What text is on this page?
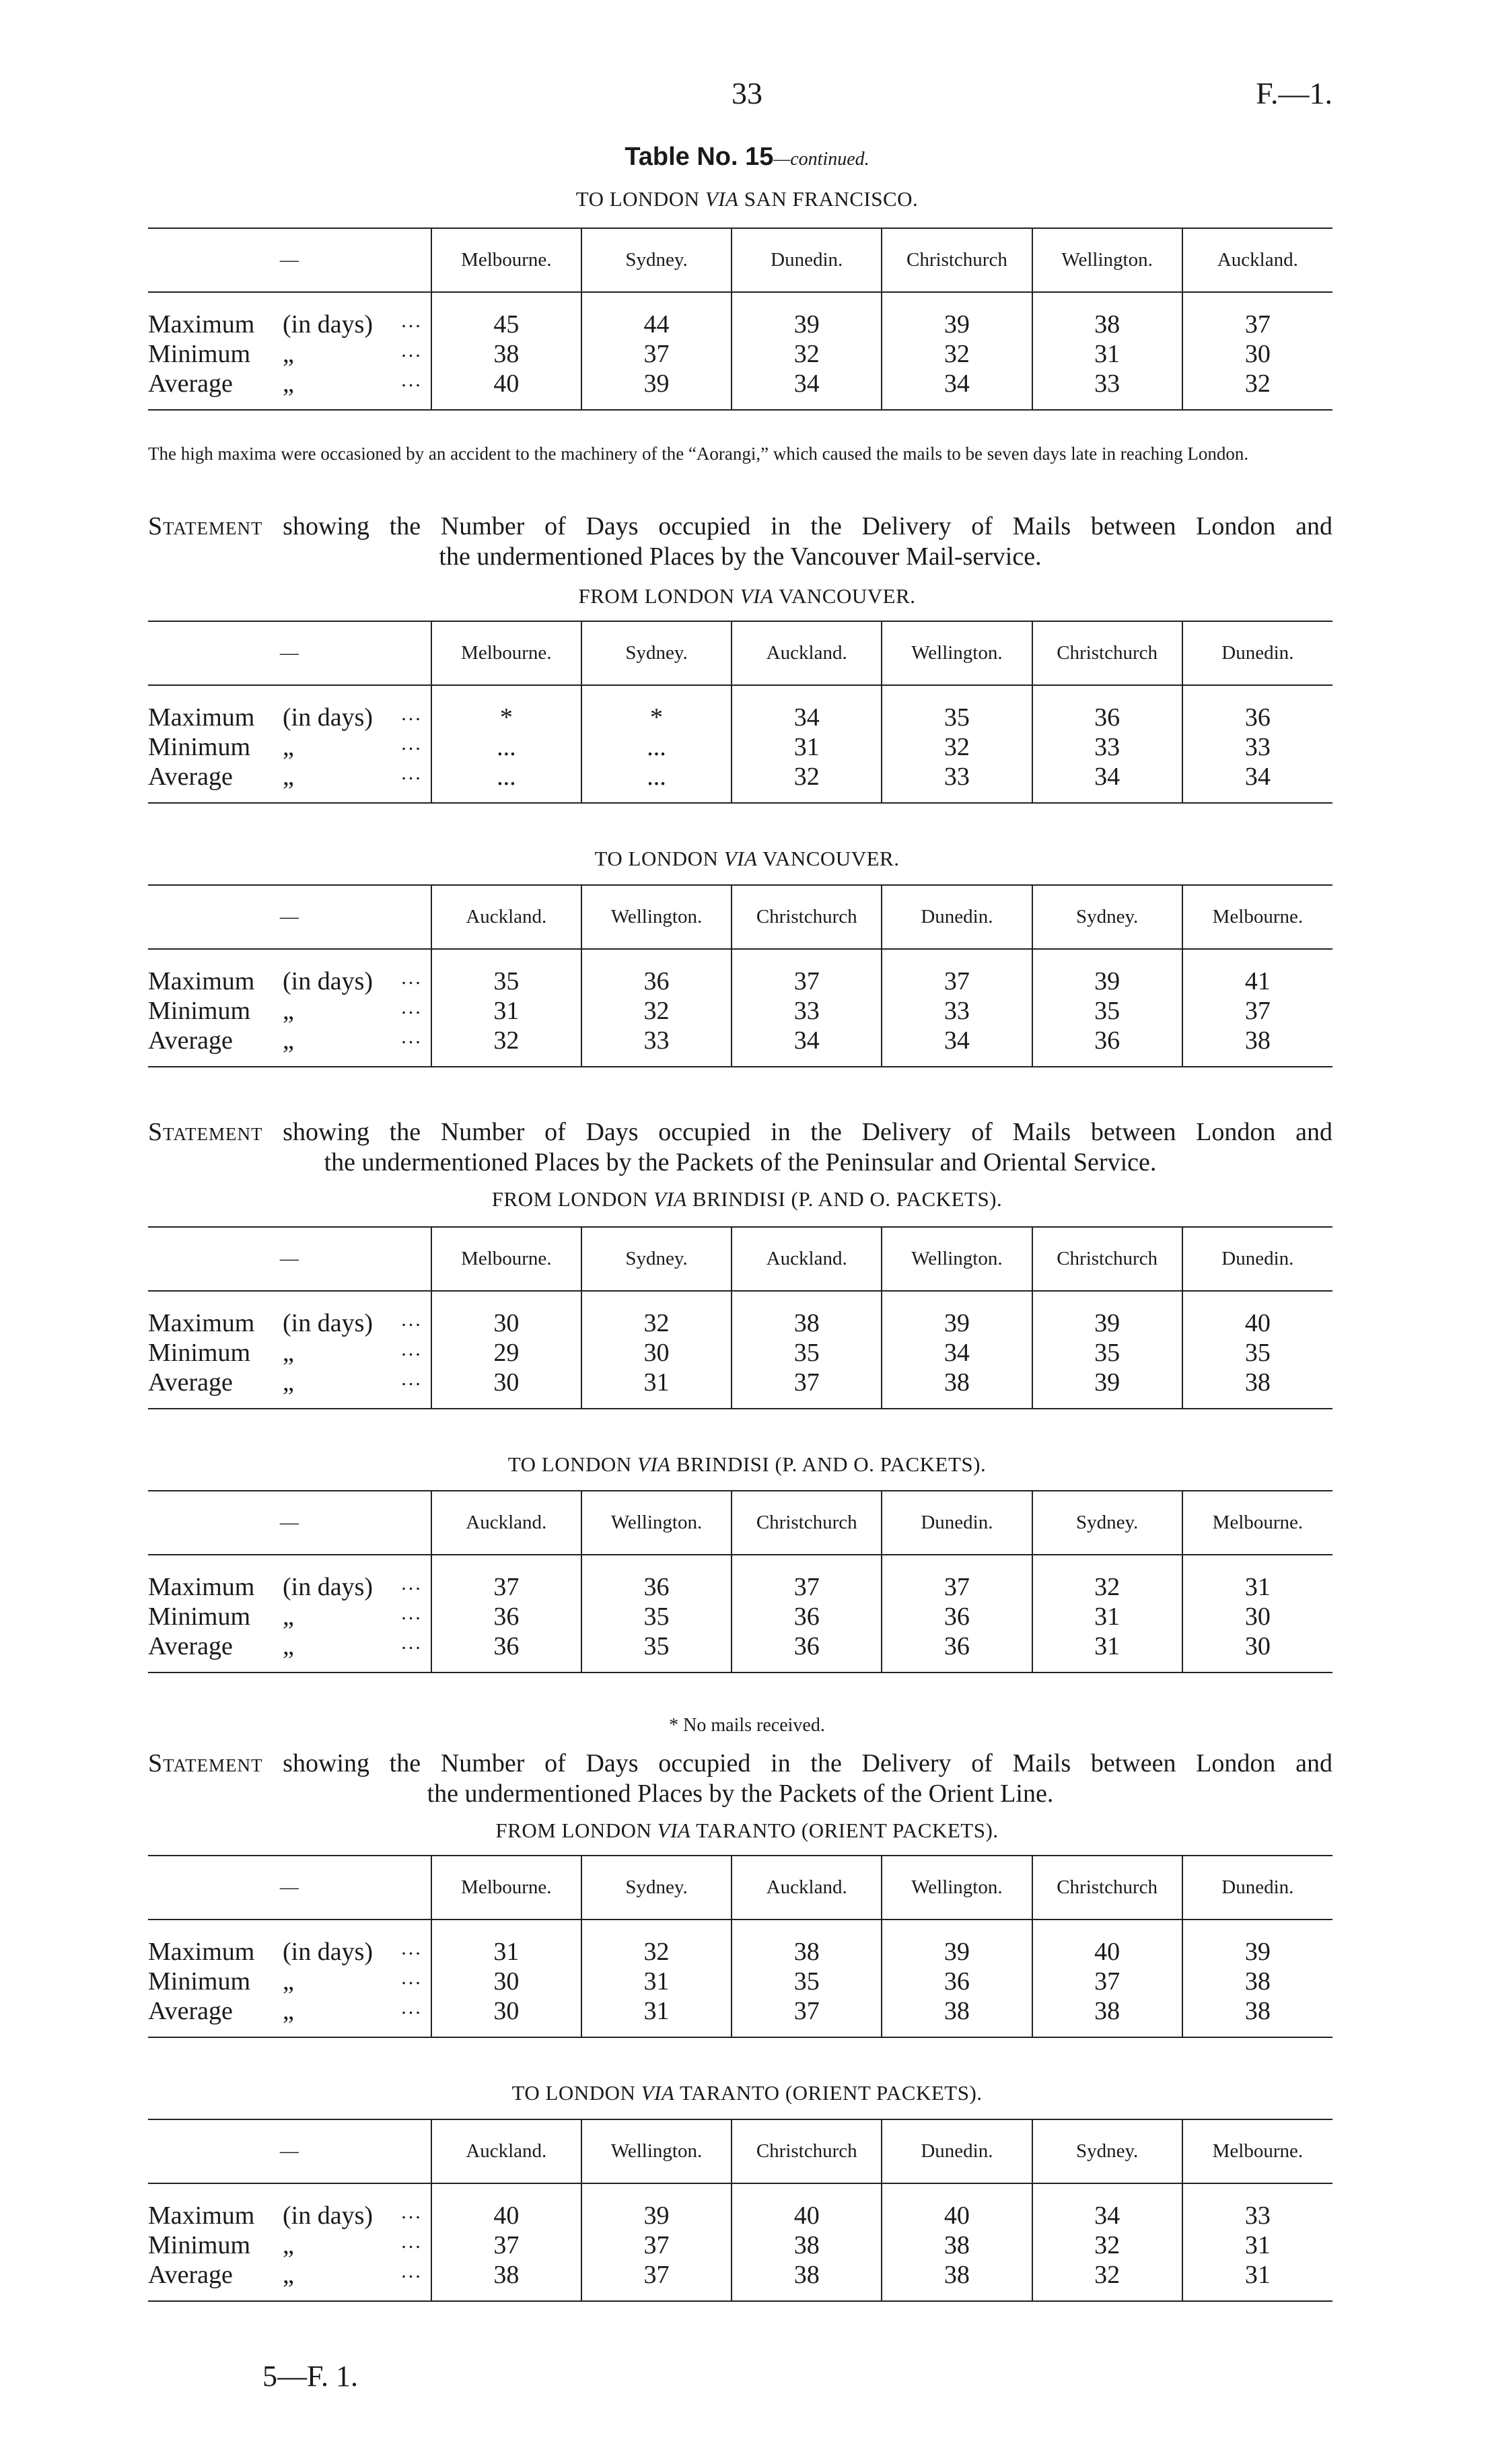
33	F.—1.
Table No. 15—continued.
TO LONDON VIA SAN FRANCISCO.
—	Melbourne.	Sydney.	Dunedin.	Christchurch	Wellington.	Auckland.

Maximum (in days) ...	45	44	39	39	38	37
Minimum „ ...	38	37	32	32	31	30
Average „ ...	40	39	34	34	33	32

The high maxima were occasioned by an accident to the machinery of the “Aorangi,” which caused the mails to be seven days late in reaching London.
Statement showing the Number of Days occupied in the Delivery of Mails between London and
the undermentioned Places by the Vancouver Mail-service.
FROM LONDON VIA VANCOUVER.
—	Melbourne.	Sydney.	Auckland.	Wellington.	Christchurch	Dunedin.

Maximum (in days) ...	*	*	34	35	36	36
Minimum „ ...	...	...	31	32	33	33
Average „ ...	...	...	32	33	34	34

TO LONDON VIA VANCOUVER.
—	Auckland.	Wellington.	Christchurch	Dunedin.	Sydney.	Melbourne.

Maximum (in days) ...	35	36	37	37	39	41
Minimum „ ...	31	32	33	33	35	37
Average „ ...	32	33	34	34	36	38

Statement showing the Number of Days occupied in the Delivery of Mails between London and
the undermentioned Places by the Packets of the Peninsular and Oriental Service.
FROM LONDON VIA BRINDISI (P. AND O. PACKETS).
—	Melbourne.	Sydney.	Auckland.	Wellington.	Christchurch	Dunedin.

Maximum (in days) ...	30	32	38	39	39	40
Minimum „ ...	29	30	35	34	35	35
Average „ ...	30	31	37	38	39	38

TO LONDON VIA BRINDISI (P. AND O. PACKETS).
—	Auckland.	Wellington.	Christchurch	Dunedin.	Sydney.	Melbourne.

Maximum (in days) ...	37	36	37	37	32	31
Minimum „ ...	36	35	36	36	31	30
Average „ ...	36	35	36	36	31	30

* No mails received.
Statement showing the Number of Days occupied in the Delivery of Mails between London and
the undermentioned Places by the Packets of the Orient Line.
FROM LONDON VIA TARANTO (ORIENT PACKETS).
—	Melbourne.	Sydney.	Auckland.	Wellington.	Christchurch	Dunedin.

Maximum (in days) ...	31	32	38	39	40	39
Minimum „ ...	30	31	35	36	37	38
Average „ ...	30	31	37	38	38	38

TO LONDON VIA TARANTO (ORIENT PACKETS).
—	Auckland.	Wellington.	Christchurch	Dunedin.	Sydney.	Melbourne.

Maximum (in days) ...	40	39	40	40	34	33
Minimum „ ...	37	37	38	38	32	31
Average „ ...	38	37	38	38	32	31

5—F. 1.
